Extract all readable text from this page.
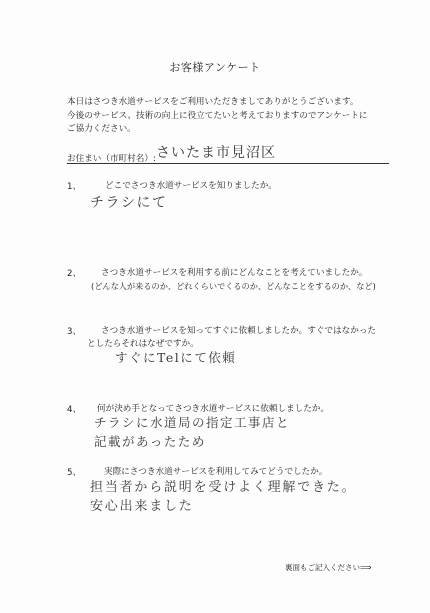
お客様アンケート

本日はさつき水道サービスをご利用いただきましてありがとうございます。

今後のサービス、技術の向上に役立てたいと考えておりますのでアンケートに

ご協力ください。

お住まい（市町村名）: さいたま市見沼区
1、	どこでさつき水道サービスを知りましたか。
チラシにて
2、	さつき水道サービスを利用する前にどんなことを考えていましたか。
(どんな人が来るのか、どれくらいでくるのか、どんなことをするのか、など)
3、 さつき水道サービスを知ってすぐに依頼しましたか。すぐではなかった
としたらそれはなぜですか。
すぐにTelにて依頼
4、 何が決め手となってさつき水道サービスに依頼しましたか。
チラシに水道局の指定工事店と
記載があったため
5、	実際にさつき水道サービスを利用してみてどうでしたか。
担当者から説明を受けよく理解できた。
安心出来ました
裏面もご記入ください⟹
